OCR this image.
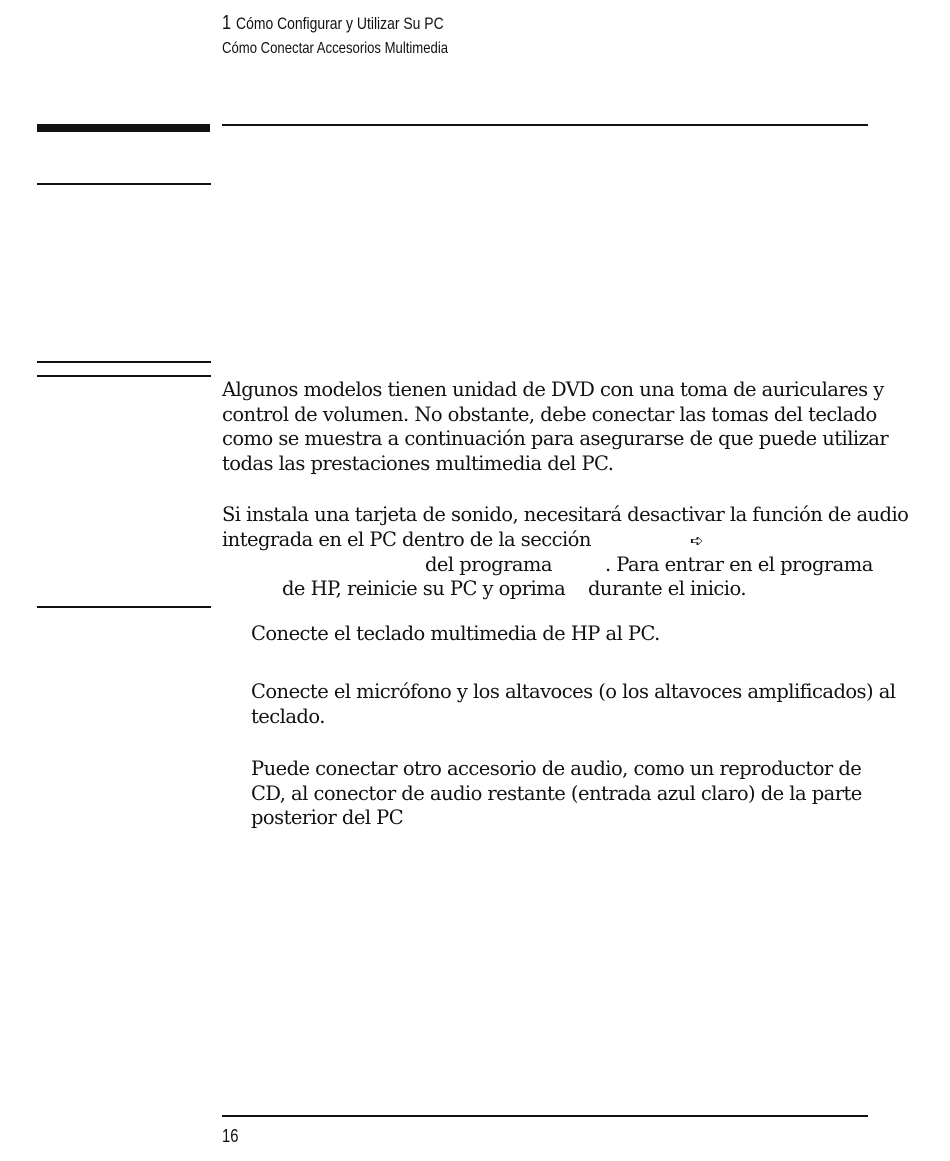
1 Cómo Configurar y Utilizar Su PC
Cómo Conectar Accesorios Multimedia
Algunos modelos tienen unidad de DVD con una toma de auriculares y
control de volumen. No obstante, debe conectar las tomas del teclado
como se muestra a continuación para asegurarse de que puede utilizar
todas las prestaciones multimedia del PC.
Si instala una tarjeta de sonido, necesitará desactivar la función de audio
integrada en el PC dentro de la sección	➪
del programa	. Para entrar en el programa
de HP, reinicie su PC y oprima durante el inicio.
Conecte el teclado multimedia de HP al PC.
Conecte el micrófono y los altavoces (o los altavoces amplificados) al
teclado.
Puede conectar otro accesorio de audio, como un reproductor de
CD, al conector de audio restante (entrada azul claro) de la parte
posterior del PC
16
